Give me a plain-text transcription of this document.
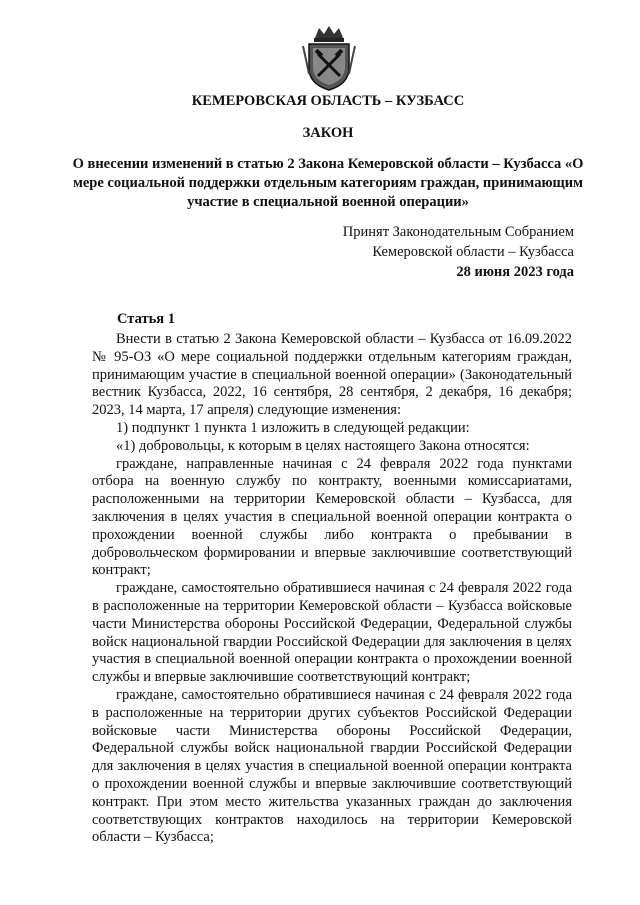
КЕМЕРОВСКАЯ ОБЛАСТЬ – КУЗБАСС
ЗАКОН
О внесении изменений в статью 2 Закона Кемеровской области – Кузбасса «О мере социальной поддержки отдельным категориям граждан, принимающим участие в специальной военной операции»
Принят Законодательным Собранием
Кемеровской области – Кузбасса
28 июня 2023 года
Статья 1

Внести в статью 2 Закона Кемеровской области – Кузбасса от 16.09.2022 № 95-ОЗ «О мере социальной поддержки отдельным категориям граждан, принимающим участие в специальной военной операции» (Законодательный вестник Кузбасса, 2022, 16 сентября, 28 сентября, 2 декабря, 16 декабря; 2023, 14 марта, 17 апреля) следующие изменения:

1) подпункт 1 пункта 1 изложить в следующей редакции:

«1) добровольцы, к которым в целях настоящего Закона относятся:

граждане, направленные начиная с 24 февраля 2022 года пунктами отбора на военную службу по контракту, военными комиссариатами, расположенными на территории Кемеровской области – Кузбасса, для заключения в целях участия в специальной военной операции контракта о прохождении военной службы либо контракта о пребывании в добровольческом формировании и впервые заключившие соответствующий контракт;

граждане, самостоятельно обратившиеся начиная с 24 февраля 2022 года в расположенные на территории Кемеровской области – Кузбасса войсковые части Министерства обороны Российской Федерации, Федеральной службы войск национальной гвардии Российской Федерации для заключения в целях участия в специальной военной операции контракта о прохождении военной службы и впервые заключившие соответствующий контракт;

граждане, самостоятельно обратившиеся начиная с 24 февраля 2022 года в расположенные на территории других субъектов Российской Федерации войсковые части Министерства обороны Российской Федерации, Федеральной службы войск национальной гвардии Российской Федерации для заключения в целях участия в специальной военной операции контракта о прохождении военной службы и впервые заключившие соответствующий контракт. При этом место жительства указанных граждан до заключения соответствующих контрактов находилось на территории Кемеровской области – Кузбасса;
